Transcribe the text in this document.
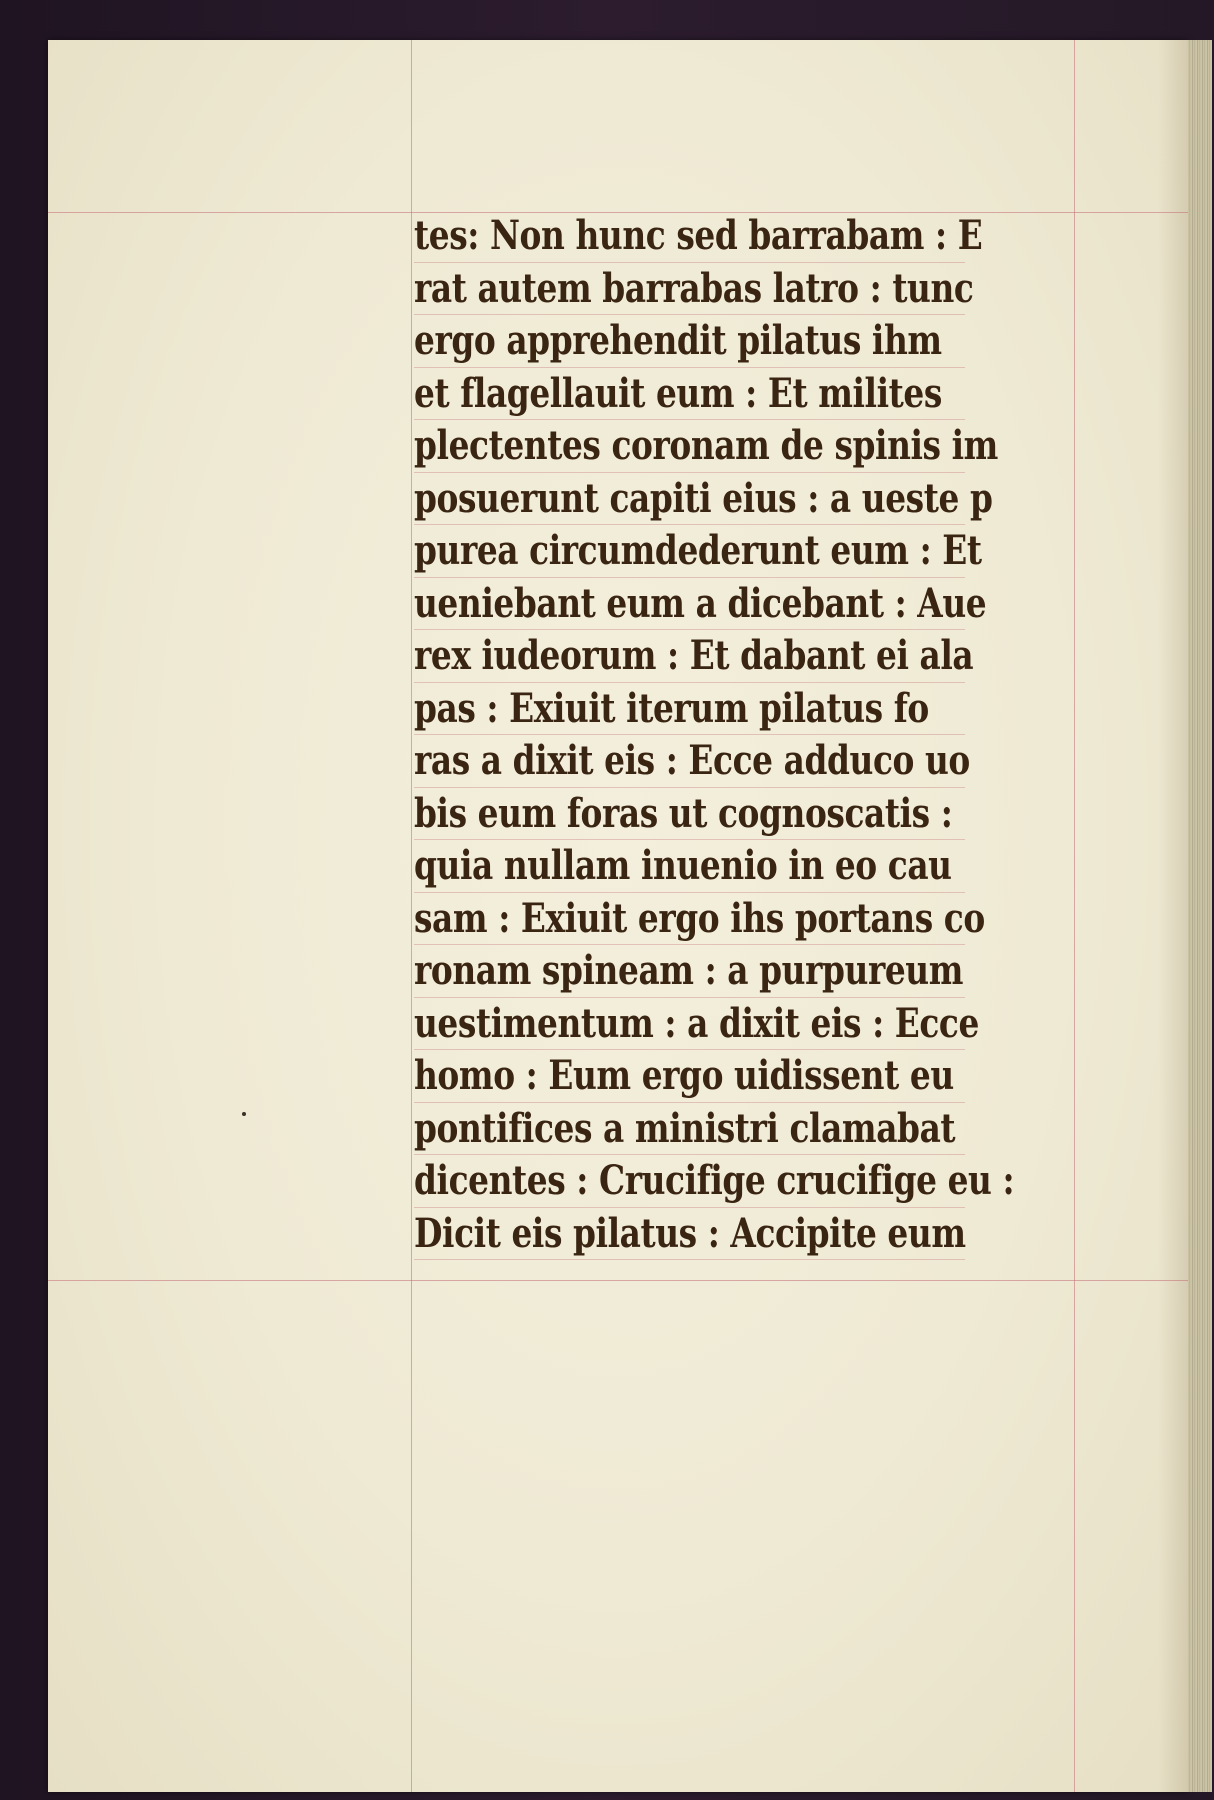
tes: Non hunc sed barrabam : E
rat autem barrabas latro : tunc
ergo apprehendit pilatus ihm
et flagellauit eum : Et milites
plectentes coronam de spinis im
posuerunt capiti eius : a ueste p
purea circumdederunt eum : Et
ueniebant eum a dicebant : Aue
rex iudeorum : Et dabant ei ala
pas : Exiuit iterum pilatus fo
ras a dixit eis : Ecce adduco uo
bis eum foras ut cognoscatis :
quia nullam inuenio in eo cau
sam : Exiuit ergo ihs portans co
ronam spineam : a purpureum
uestimentum : a dixit eis : Ecce
homo : Eum ergo uidissent eu
pontifices a ministri clamabat
dicentes : Crucifige crucifige eu :
Dicit eis pilatus : Accipite eum
